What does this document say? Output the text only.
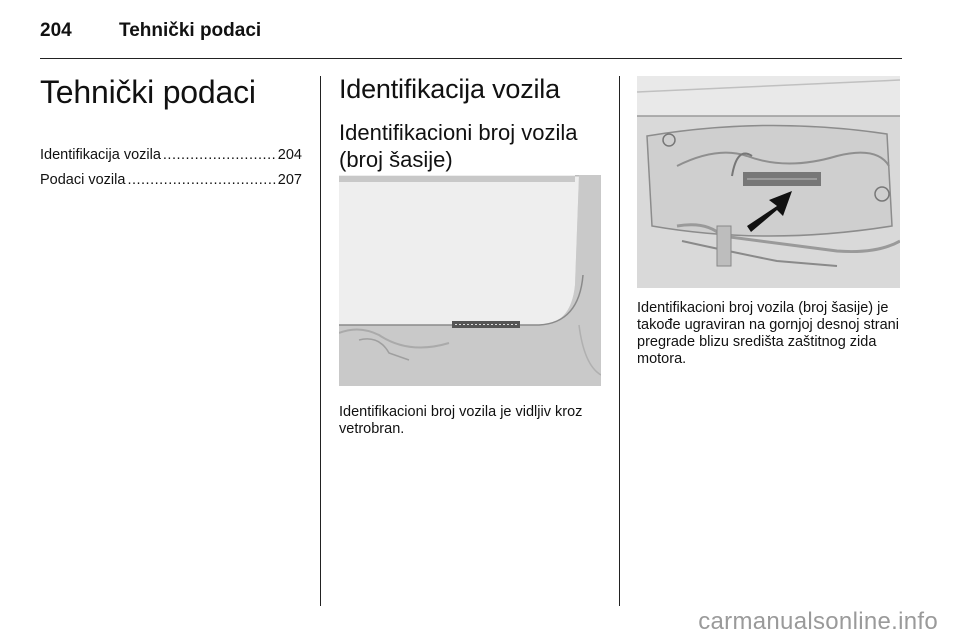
204 Tehnički podaci
Tehnički podaci
Identifikacija vozila .....	204
Podaci vozila .....	207
Identifikacija vozila
Identifikacioni broj vozila (broj šasije)
Identifikacioni broj vozila je vidljiv kroz vetrobran.
Identifikacioni broj vozila (broj šasije) je takođe ugraviran na gornjoj desnoj strani pregrade blizu središta zaštitnog zida motora.
carmanualsonline.info
